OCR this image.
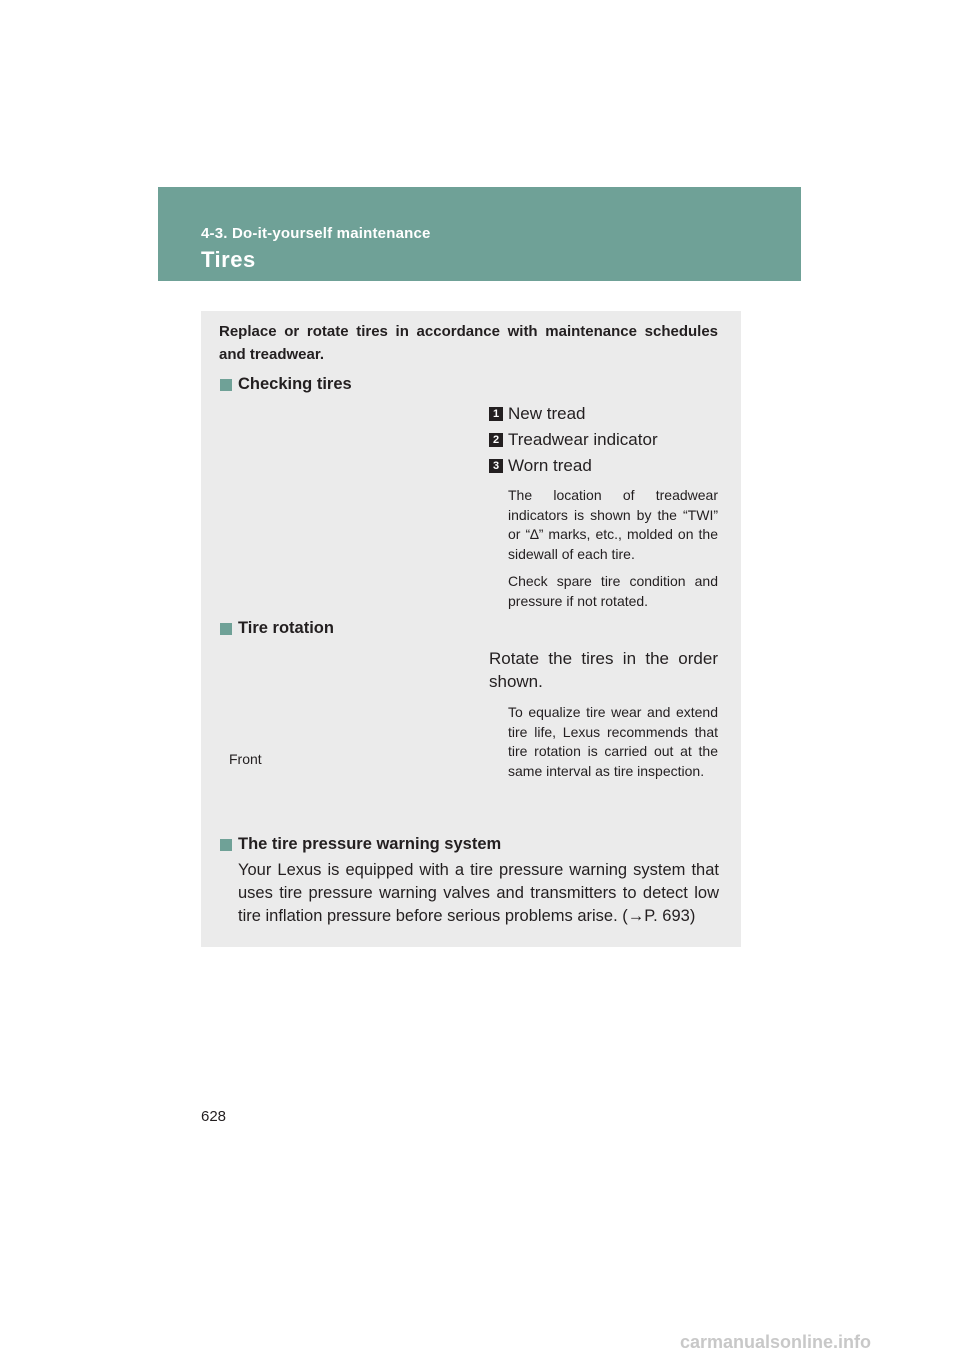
4-3. Do-it-yourself maintenance
Tires
Replace or rotate tires in accordance with maintenance schedules and treadwear.
Checking tires
1 New tread
2 Treadwear indicator
3 Worn tread
The location of treadwear indicators is shown by the “TWI” or “∆” marks, etc., molded on the sidewall of each tire.
Check spare tire condition and pressure if not rotated.
Tire rotation
Rotate the tires in the order shown.
To equalize tire wear and extend tire life, Lexus recommends that tire rotation is carried out at the same interval as tire inspection.
Front
The tire pressure warning system
Your Lexus is equipped with a tire pressure warning system that uses tire pressure warning valves and transmitters to detect low tire inflation pressure before serious problems arise. (→P. 693)
628
carmanualsonline.info
